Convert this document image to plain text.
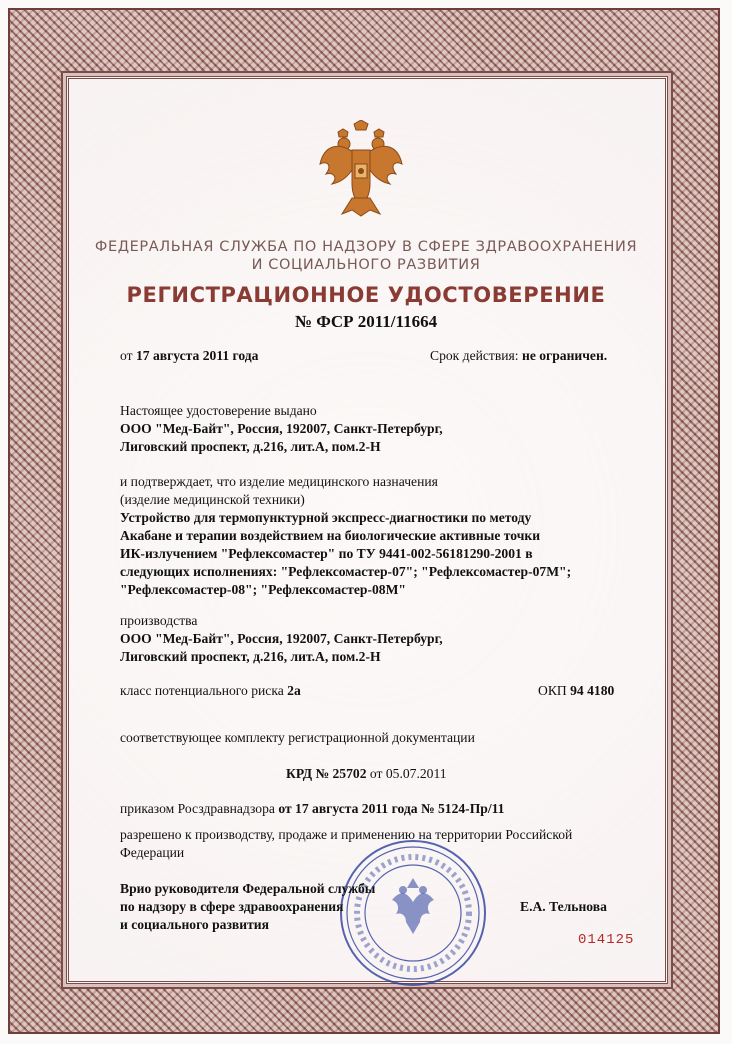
ФЕДЕРАЛЬНАЯ СЛУЖБА ПО НАДЗОРУ В СФЕРЕ ЗДРАВООХРАНЕНИЯ
И СОЦИАЛЬНОГО РАЗВИТИЯ
РЕГИСТРАЦИОННОЕ УДОСТОВЕРЕНИЕ
№ ФСР 2011/11664
от 17 августа 2011 года	Срок действия: не ограничен.
Настоящее удостоверение выдано
ООО "Мед-Байт", Россия, 192007, Санкт-Петербург,
Лиговский проспект, д.216, лит.А, пом.2-Н
и подтверждает, что изделие медицинского назначения
(изделие медицинской техники)
Устройство для термопунктурной экспресс-диагностики по методу
Акабане и терапии воздействием на биологические активные точки
ИК-излучением "Рефлексомастер" по ТУ 9441-002-56181290-2001 в
следующих исполнениях: "Рефлексомастер-07"; "Рефлексомастер-07М";
"Рефлексомастер-08"; "Рефлексомастер-08М"
производства
ООО "Мед-Байт", Россия, 192007, Санкт-Петербург,
Лиговский проспект, д.216, лит.А, пом.2-Н
класс потенциального риска 2а	ОКП 94 4180
соответствующее комплекту регистрационной документации
КРД № 25702 от 05.07.2011
приказом Росздравнадзора от 17 августа 2011 года № 5124-Пр/11
разрешено к производству, продаже и применению на территории Российской
Федерации
Врио руководителя Федеральной службы
по надзору в сфере здравоохранения
и социального развития
Е.А. Тельнова
014125
